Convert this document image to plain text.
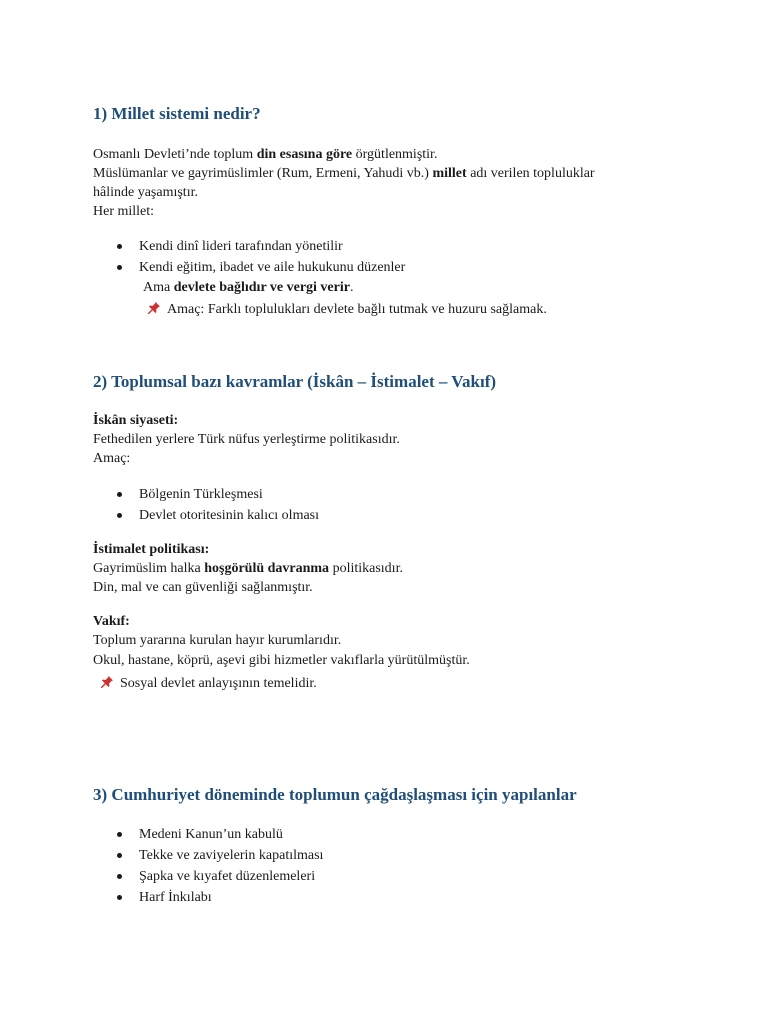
1) Millet sistemi nedir?

Osmanlı Devleti’nde toplum din esasına göre örgütlenmiştir.

Müslümanlar ve gayrimüslimler (Rum, Ermeni, Yahudi vb.) millet adı verilen topluluklar

hâlinde yaşamıştır.

Her millet:

Kendi dinî lideri tarafından yönetilir
Kendi eğitim, ibadet ve aile hukukunu düzenler

Ama devlete bağlıdır ve vergi verir.

Amaç: Farklı toplulukları devlete bağlı tutmak ve huzuru sağlamak.

2) Toplumsal bazı kavramlar (İskân – İstimalet – Vakıf)

İskân siyaseti:

Fethedilen yerlere Türk nüfus yerleştirme politikasıdır.

Amaç:

Bölgenin Türkleşmesi
Devlet otoritesinin kalıcı olması

İstimalet politikası:

Gayrimüslim halka hoşgörülü davranma politikasıdır.

Din, mal ve can güvenliği sağlanmıştır.

Vakıf:

Toplum yararına kurulan hayır kurumlarıdır.

Okul, hastane, köprü, aşevi gibi hizmetler vakıflarla yürütülmüştür.

Sosyal devlet anlayışının temelidir.

3) Cumhuriyet döneminde toplumun çağdaşlaşması için yapılanlar
Medeni Kanun’un kabulü
Tekke ve zaviyelerin kapatılması
Şapka ve kıyafet düzenlemeleri
Harf İnkılabı
